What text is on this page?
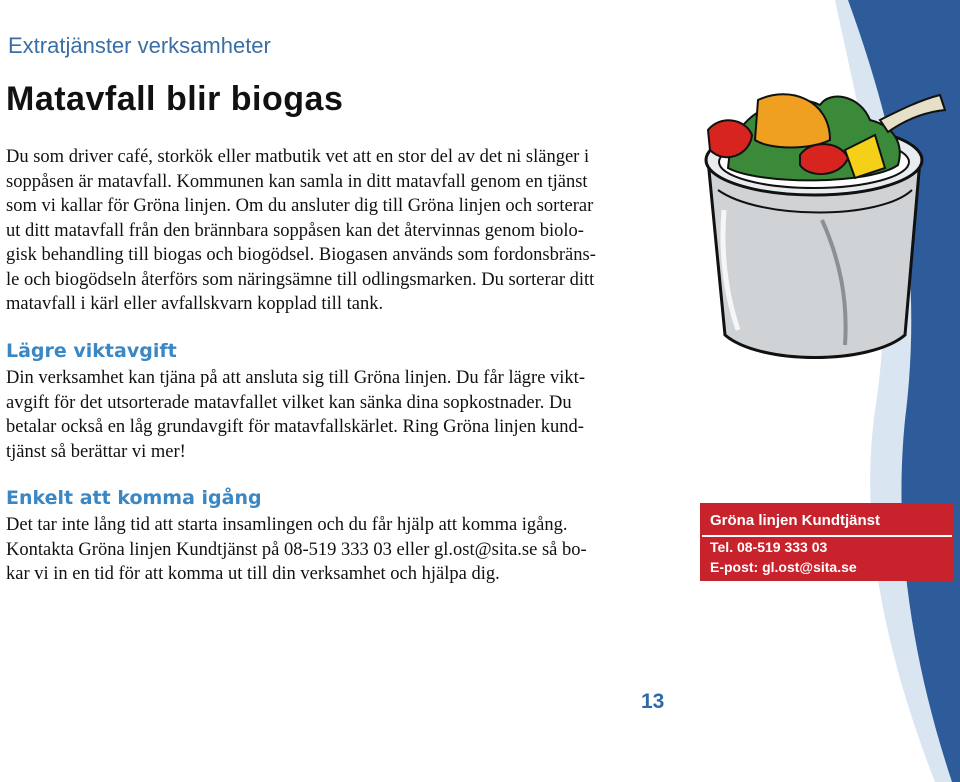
Extratjänster verksamheter
Matavfall blir biogas

Du som driver café, storkök eller matbutik vet att en stor del av det ni slänger i
soppåsen är matavfall. Kommunen kan samla in ditt matavfall genom en tjänst
som vi kallar för Gröna linjen. Om du ansluter dig till Gröna linjen och sorterar
ut ditt matavfall från den brännbara soppåsen kan det återvinnas genom biolo-
gisk behandling till biogas och biogödsel. Biogasen används som fordonsbräns-
le och biogödseln återförs som näringsämne till odlingsmarken. Du sorterar ditt
matavfall i kärl eller avfallskvarn kopplad till tank.

Lägre viktavgift

Din verksamhet kan tjäna på att ansluta sig till Gröna linjen. Du får lägre vikt-
avgift för det utsorterade matavfallet vilket kan sänka dina sopkostnader. Du
betalar också en låg grundavgift för matavfallskärlet. Ring Gröna linjen kund-
tjänst så berättar vi mer!

Enkelt att komma igång

Det tar inte lång tid att starta insamlingen och du får hjälp att komma igång.
Kontakta Gröna linjen Kundtjänst på 08-519 333 03 eller gl.ost@sita.se så bo-
kar vi in en tid för att komma ut till din verksamhet och hjälpa dig.

Gröna linjen Kundtjänst
Tel. 08-519 333 03
E-post: gl.ost@sita.se
13
